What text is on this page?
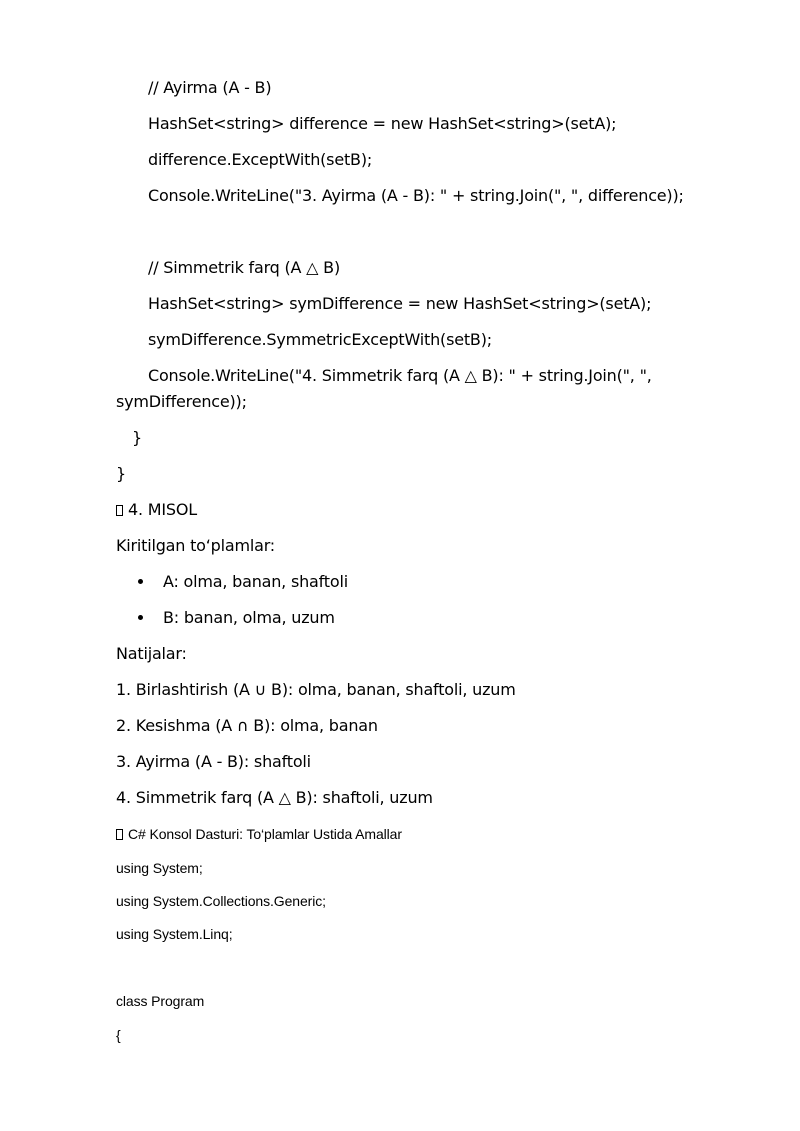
// Ayirma (A - B)
HashSet<string> difference = new HashSet<string>(setA);
difference.ExceptWith(setB);
Console.WriteLine("3. Ayirma (A - B): " + string.Join(", ", difference));
// Simmetrik farq (A △ B)
HashSet<string> symDifference = new HashSet<string>(setA);
symDifference.SymmetricExceptWith(setB);
Console.WriteLine("4. Simmetrik farq (A △ B): " + string.Join(", ",
symDifference));
}
}
4. MISOL
Kiritilgan to‘plamlar:
A: olma, banan, shaftoli
B: banan, olma, uzum
Natijalar:
1. Birlashtirish (A ∪ B): olma, banan, shaftoli, uzum
2. Kesishma (A ∩ B): olma, banan
3. Ayirma (A - B): shaftoli
4. Simmetrik farq (A △ B): shaftoli, uzum
C# Konsol Dasturi: To‘plamlar Ustida Amallar
using System;
using System.Collections.Generic;
using System.Linq;
class Program
{
